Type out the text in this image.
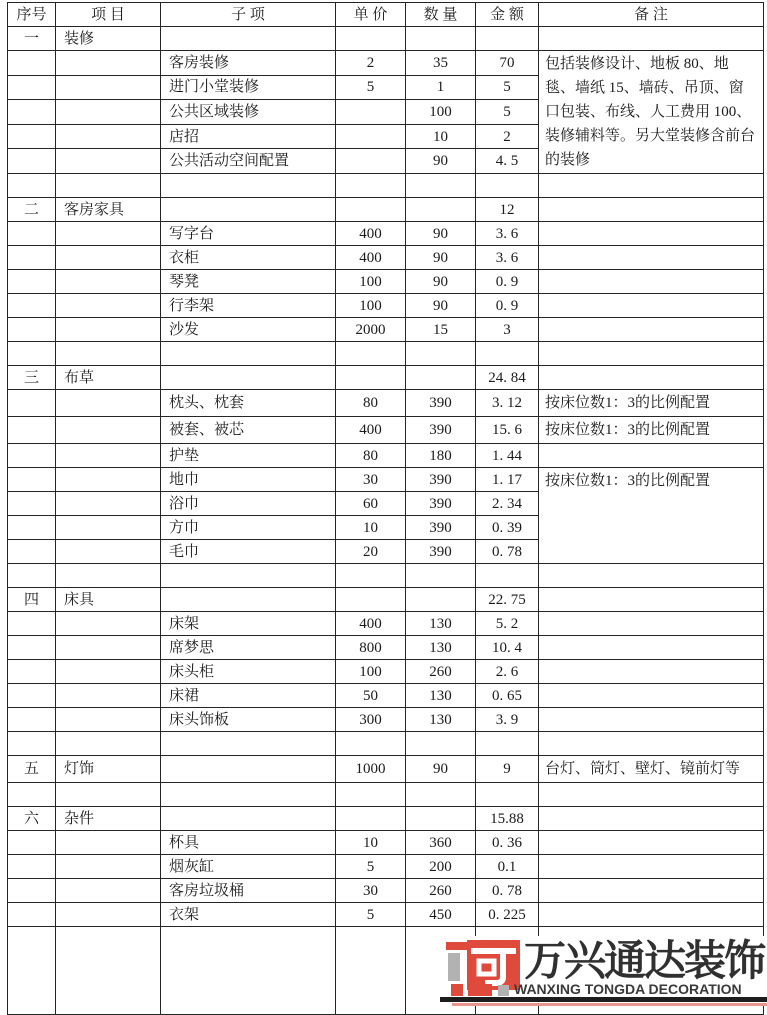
序号	项 目	子 项	单 价	数 量	金 额	备 注
一	装修					
		客房装修	2	35	70	包括装修设计、地板 80、地毯、墙纸 15、墙砖、吊顶、窗口包装、布线、人工费用 100、装修辅料等。另大堂装修含前台的装修
		进门小堂装修	5	1	5	
		公共区域装修		100	5	
		店招		10	2	
		公共活动空间配置		90	4. 5	

二	客房家具				12	
		写字台	400	90	3. 6	
		衣柜	400	90	3. 6	
		琴凳	100	90	0. 9	
		行李架	100	90	0. 9	
		沙发	2000	15	3	

三	布草				24. 84	
		枕头、枕套	80	390	3. 12	按床位数1：3的比例配置
		被套、被芯	400	390	15. 6	按床位数1：3的比例配置
		护垫	80	180	1. 44	
		地巾	30	390	1. 17	按床位数1：3的比例配置
		浴巾	60	390	2. 34	
		方巾	10	390	0. 39	
		毛巾	20	390	0. 78	

四	床具				22. 75	
		床架	400	130	5. 2	
		席梦思	800	130	10. 4	
		床头柜	100	260	2. 6	
		床裙	50	130	0. 65	
		床头饰板	300	130	3. 9	

五	灯饰		1000	90	9	台灯、筒灯、壁灯、镜前灯等

六	杂件				15.88	
		杯具	10	360	0. 36	
		烟灰缸	5	200	0.1	
		客房垃圾桶	30	260	0. 78	
		衣架	5	450	0. 225	

万兴通达装饰
WANXING TONGDA DECORATION
